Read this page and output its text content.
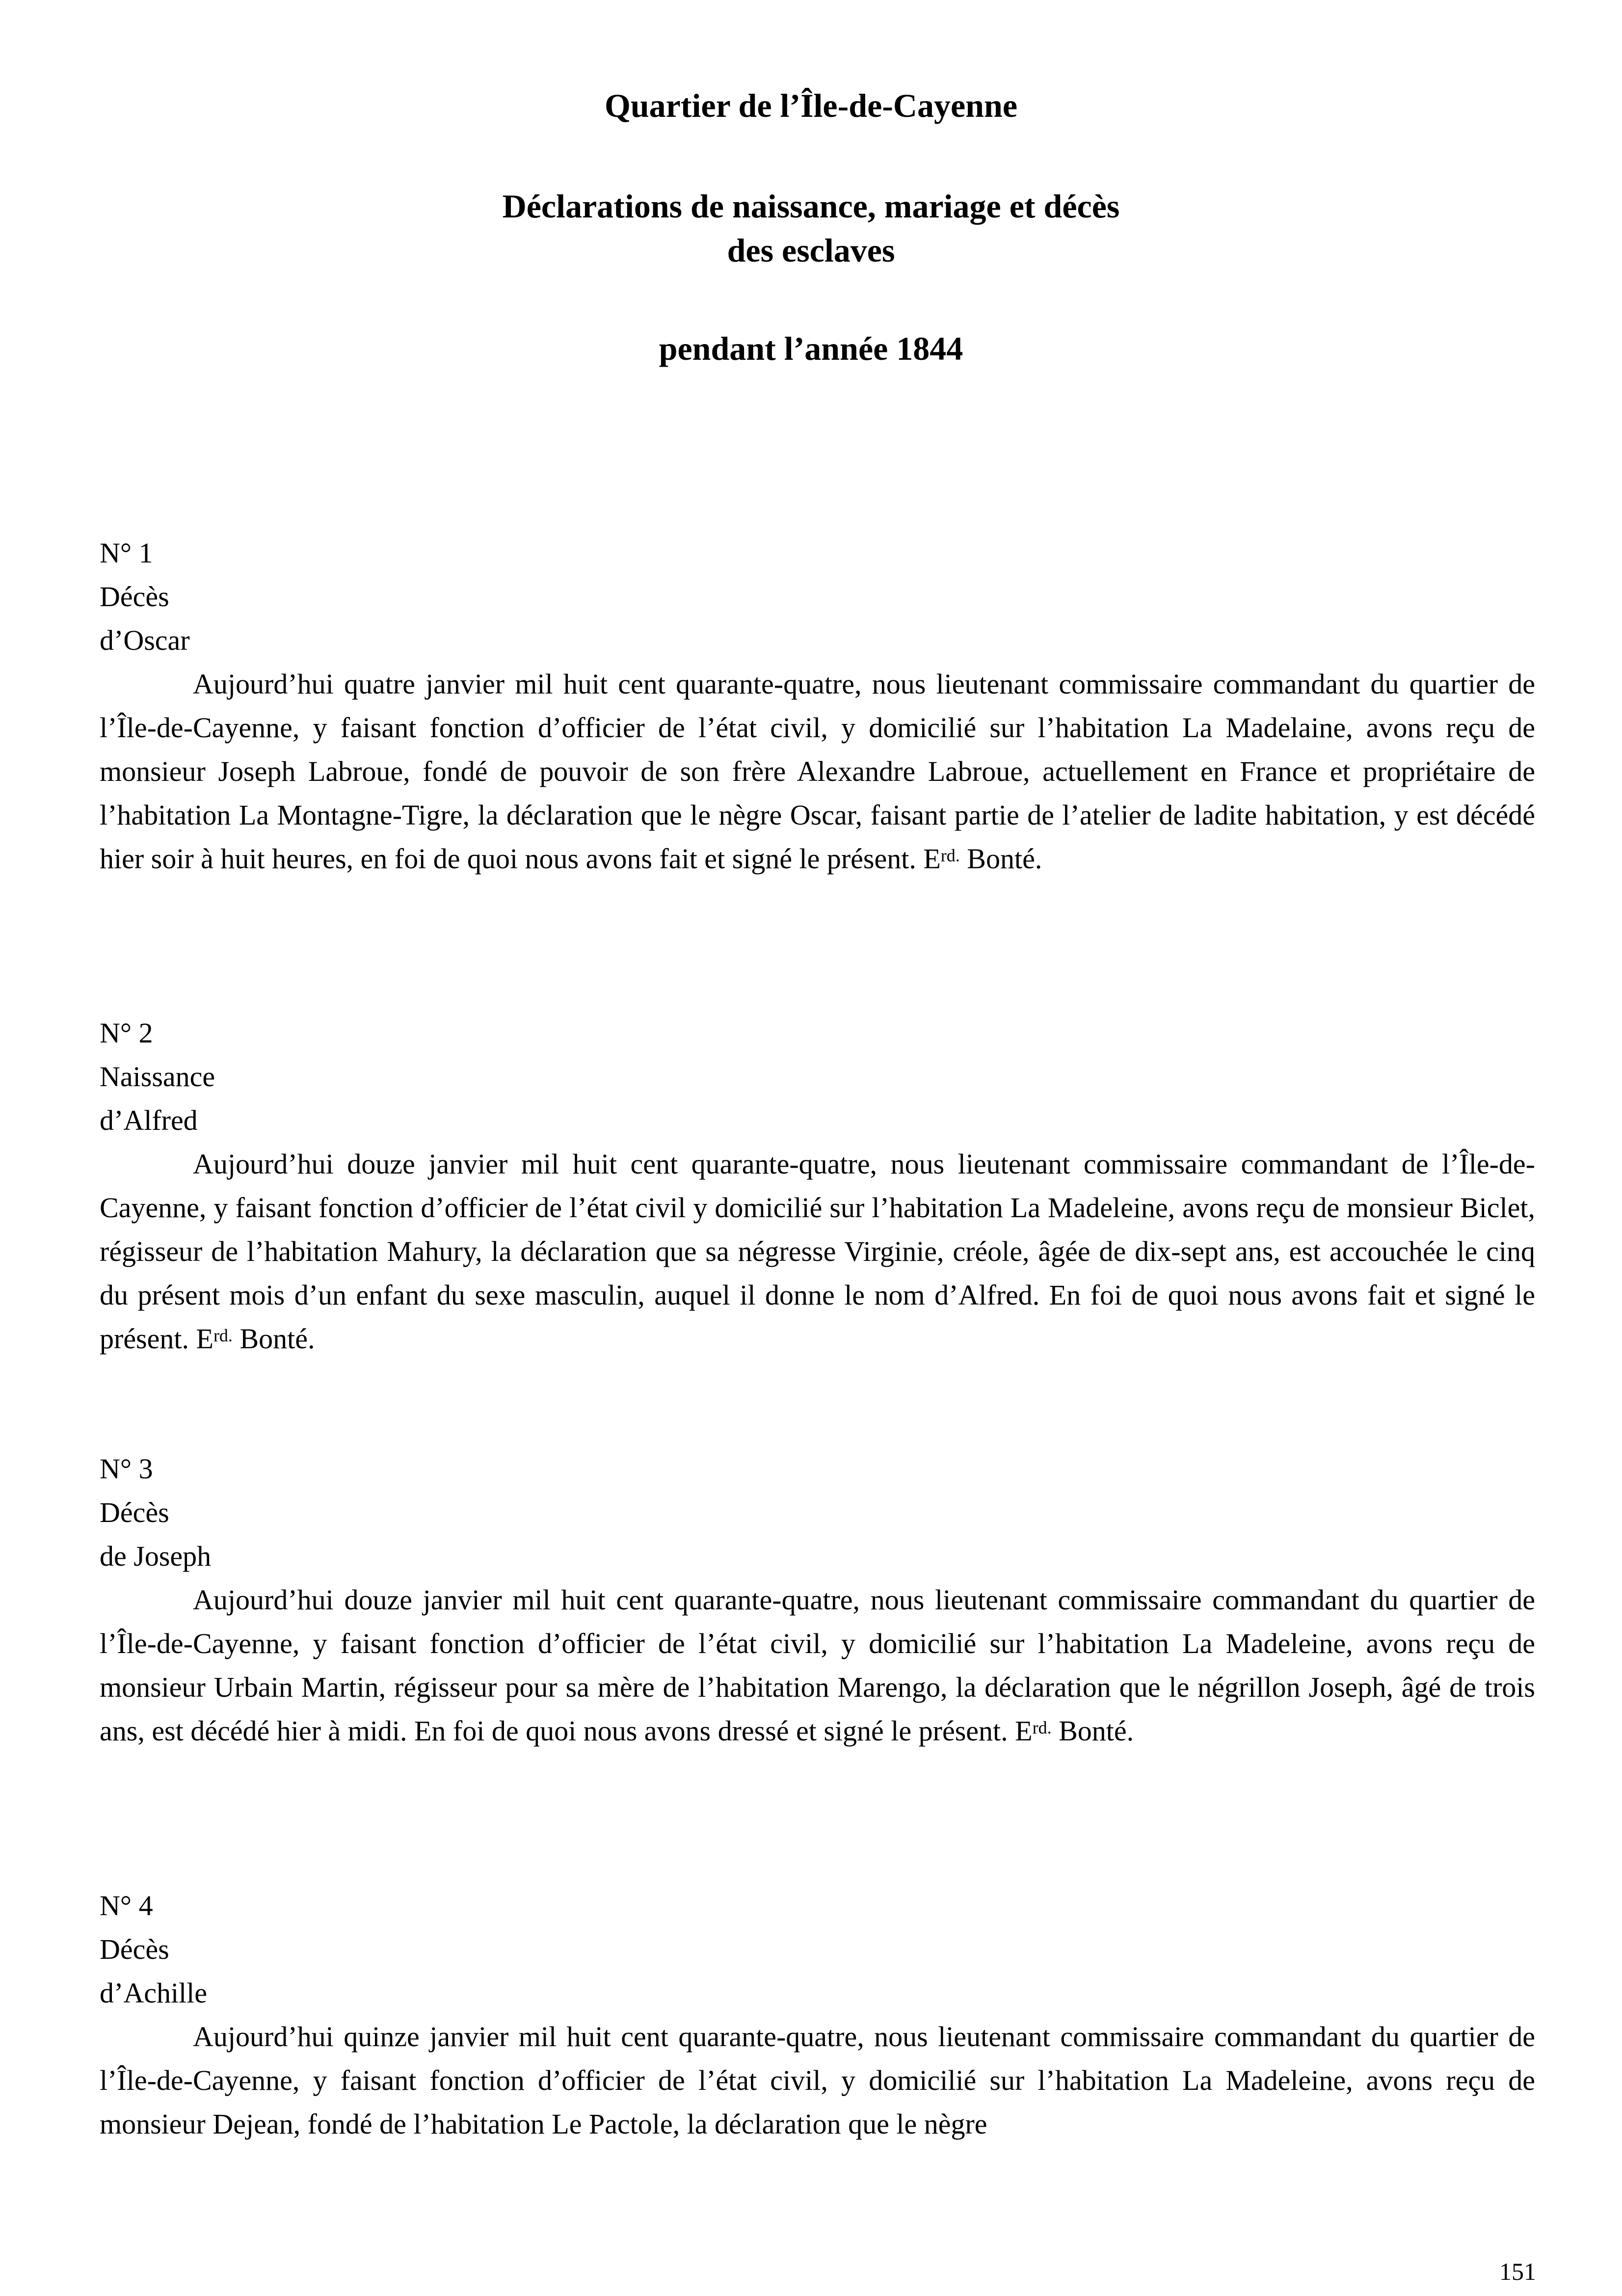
Quartier de l’Île-de-Cayenne
Déclarations de naissance, mariage et décès
des esclaves
pendant l’année 1844
N° 1
Décès
d’Oscar

Aujourd’hui quatre janvier mil huit cent quarante-quatre, nous lieutenant commissaire commandant du quartier de l’Île-de-Cayenne, y faisant fonction d’officier de l’état civil, y domicilié sur l’habitation La Madelaine, avons reçu de monsieur Joseph Labroue, fondé de pouvoir de son frère Alexandre Labroue, actuellement en France et propriétaire de l’habitation La Montagne-Tigre, la déclaration que le nègre Oscar, faisant partie de l’atelier de ladite habitation, y est décédé hier soir à huit heures, en foi de quoi nous avons fait et signé le présent. $E^{rd.}$ Bonté.

N° 2
Naissance
d’Alfred

Aujourd’hui douze janvier mil huit cent quarante-quatre, nous lieutenant commissaire commandant de l’Île-de-Cayenne, y faisant fonction d’officier de l’état civil y domicilié sur l’habitation La Madeleine, avons reçu de monsieur Biclet, régisseur de l’habitation Mahury, la déclaration que sa négresse Virginie, créole, âgée de dix-sept ans, est accouchée le cinq du présent mois d’un enfant du sexe masculin, auquel il donne le nom d’Alfred. En foi de quoi nous avons fait et signé le présent. $E^{rd.}$ Bonté.

N° 3
Décès
de Joseph

Aujourd’hui douze janvier mil huit cent quarante-quatre, nous lieutenant commissaire commandant du quartier de l’Île-de-Cayenne, y faisant fonction d’officier de l’état civil, y domicilié sur l’habitation La Madeleine, avons reçu de monsieur Urbain Martin, régisseur pour sa mère de l’habitation Marengo, la déclaration que le négrillon Joseph, âgé de trois ans, est décédé hier à midi. En foi de quoi nous avons dressé et signé le présent. $E^{rd.}$ Bonté.

N° 4
Décès
d’Achille

Aujourd’hui quinze janvier mil huit cent quarante-quatre, nous lieutenant commissaire commandant du quartier de l’Île-de-Cayenne, y faisant fonction d’officier de l’état civil, y domicilié sur l’habitation La Madeleine, avons reçu de monsieur Dejean, fondé de l’habitation Le Pactole, la déclaration que le nègre

151
